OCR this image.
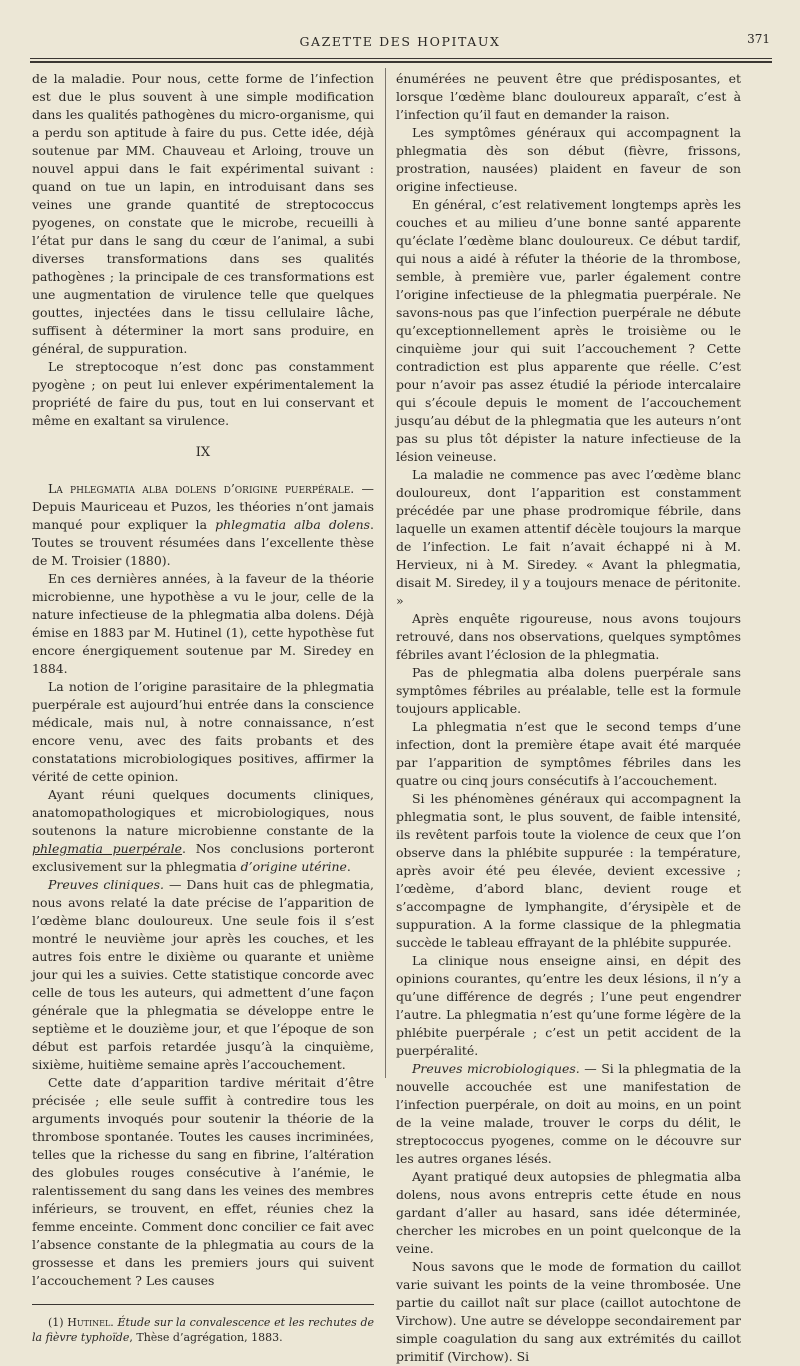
GAZETTE DES HOPITAUX	371

de la maladie. Pour nous, cette forme de l’infection est due le plus souvent à une simple modification dans les qualités pathogènes du micro-organisme, qui a perdu son aptitude à faire du pus. Cette idée, déjà soutenue par MM. Chauveau et Arloing, trouve un nouvel appui dans le fait expérimental suivant : quand on tue un lapin, en introduisant dans ses veines une grande quantité de streptococcus pyogenes, on constate que le microbe, recueilli à l’état pur dans le sang du cœur de l’animal, a subi diverses transformations dans ses qualités pathogènes ; la principale de ces transformations est une augmentation de virulence telle que quelques gouttes, injectées dans le tissu cellulaire lâche, suffisent à déterminer la mort sans produire, en général, de suppuration.

Le streptocoque n’est donc pas constamment pyogène ; on peut lui enlever expérimentalement la propriété de faire du pus, tout en lui conservant et même en exaltant sa virulence.

IX

La phlegmatia alba dolens d’origine puerpérale. — Depuis Mauriceau et Puzos, les théories n’ont jamais manqué pour expliquer la phlegmatia alba dolens. Toutes se trouvent résumées dans l’excellente thèse de M. Troisier (1880).

En ces dernières années, à la faveur de la théorie microbienne, une hypothèse a vu le jour, celle de la nature infectieuse de la phlegmatia alba dolens. Déjà émise en 1883 par M. Hutinel (1), cette hypothèse fut encore énergiquement soutenue par M. Siredey en 1884.

La notion de l’origine parasitaire de la phlegmatia puerpérale est aujourd’hui entrée dans la conscience médicale, mais nul, à notre connaissance, n’est encore venu, avec des faits probants et des constatations microbiologiques positives, affirmer la vérité de cette opinion.

Ayant réuni quelques documents cliniques, anatomopathologiques et microbiologiques, nous soutenons la nature microbienne constante de la phlegmatia puerpérale. Nos conclusions porteront exclusivement sur la phlegmatia d’origine utérine.

Preuves cliniques. — Dans huit cas de phlegmatia, nous avons relaté la date précise de l’apparition de l’œdème blanc douloureux. Une seule fois il s’est montré le neuvième jour après les couches, et les autres fois entre le dixième ou quarante et unième jour qui les a suivies. Cette statistique concorde avec celle de tous les auteurs, qui admettent d’une façon générale que la phlegmatia se développe entre le septième et le douzième jour, et que l’époque de son début est parfois retardée jusqu’à la cinquième, sixième, huitième semaine après l’accouchement.

Cette date d’apparition tardive méritait d’être précisée ; elle seule suffit à contredire tous les arguments invoqués pour soutenir la théorie de la thrombose spontanée. Toutes les causes incriminées, telles que la richesse du sang en fibrine, l’altération des globules rouges consécutive à l’anémie, le ralentissement du sang dans les veines des membres inférieurs, se trouvent, en effet, réunies chez la femme enceinte. Comment donc concilier ce fait avec l’absence constante de la phlegmatia au cours de la grossesse et dans les premiers jours qui suivent l’accouchement ? Les causes

(1) Hutinel. Étude sur la convalescence et les rechutes de la fièvre typhoïde, Thèse d’agrégation, 1883.

énumérées ne peuvent être que prédisposantes, et lorsque l’œdème blanc douloureux apparaît, c’est à l’infection qu’il faut en demander la raison.

Les symptômes généraux qui accompagnent la phlegmatia dès son début (fièvre, frissons, prostration, nausées) plaident en faveur de son origine infectieuse.

En général, c’est relativement longtemps après les couches et au milieu d’une bonne santé apparente qu’éclate l’œdème blanc douloureux. Ce début tardif, qui nous a aidé à réfuter la théorie de la thrombose, semble, à première vue, parler également contre l’origine infectieuse de la phlegmatia puerpérale. Ne savons-nous pas que l’infection puerpérale ne débute qu’exceptionnellement après le troisième ou le cinquième jour qui suit l’accouchement ? Cette contradiction est plus apparente que réelle. C’est pour n’avoir pas assez étudié la période intercalaire qui s’écoule depuis le moment de l’accouchement jusqu’au début de la phlegmatia que les auteurs n’ont pas su plus tôt dépister la nature infectieuse de la lésion veineuse.

La maladie ne commence pas avec l’œdème blanc douloureux, dont l’apparition est constamment précédée par une phase prodromique fébrile, dans laquelle un examen attentif décèle toujours la marque de l’infection. Le fait n’avait échappé ni à M. Hervieux, ni à M. Siredey. « Avant la phlegmatia, disait M. Siredey, il y a toujours menace de péritonite. »

Après enquête rigoureuse, nous avons toujours retrouvé, dans nos observations, quelques symptômes fébriles avant l’éclosion de la phlegmatia.

Pas de phlegmatia alba dolens puerpérale sans symptômes fébriles au préalable, telle est la formule toujours applicable.

La phlegmatia n’est que le second temps d’une infection, dont la première étape avait été marquée par l’apparition de symptômes fébriles dans les quatre ou cinq jours consécutifs à l’accouchement.

Si les phénomènes généraux qui accompagnent la phlegmatia sont, le plus souvent, de faible intensité, ils revêtent parfois toute la violence de ceux que l’on observe dans la phlébite suppurée : la température, après avoir été peu élevée, devient excessive ; l’œdème, d’abord blanc, devient rouge et s’accompagne de lymphangite, d’érysipèle et de suppuration. A la forme classique de la phlegmatia succède le tableau effrayant de la phlébite suppurée.

La clinique nous enseigne ainsi, en dépit des opinions courantes, qu’entre les deux lésions, il n’y a qu’une différence de degrés ; l’une peut engendrer l’autre. La phlegmatia n’est qu’une forme légère de la phlébite puerpérale ; c’est un petit accident de la puerpéralité.

Preuves microbiologiques. — Si la phlegmatia de la nouvelle accouchée est une manifestation de l’infection puerpérale, on doit au moins, en un point de la veine malade, trouver le corps du délit, le streptococcus pyogenes, comme on le découvre sur les autres organes lésés.

Ayant pratiqué deux autopsies de phlegmatia alba dolens, nous avons entrepris cette étude en nous gardant d’aller au hasard, sans idée déterminée, chercher les microbes en un point quelconque de la veine.

Nous savons que le mode de formation du caillot varie suivant les points de la veine thrombosée. Une partie du caillot naît sur place (caillot autochtone de Virchow). Une autre se développe secondairement par simple coagulation du sang aux extrémités du caillot primitif (Virchow). Si
